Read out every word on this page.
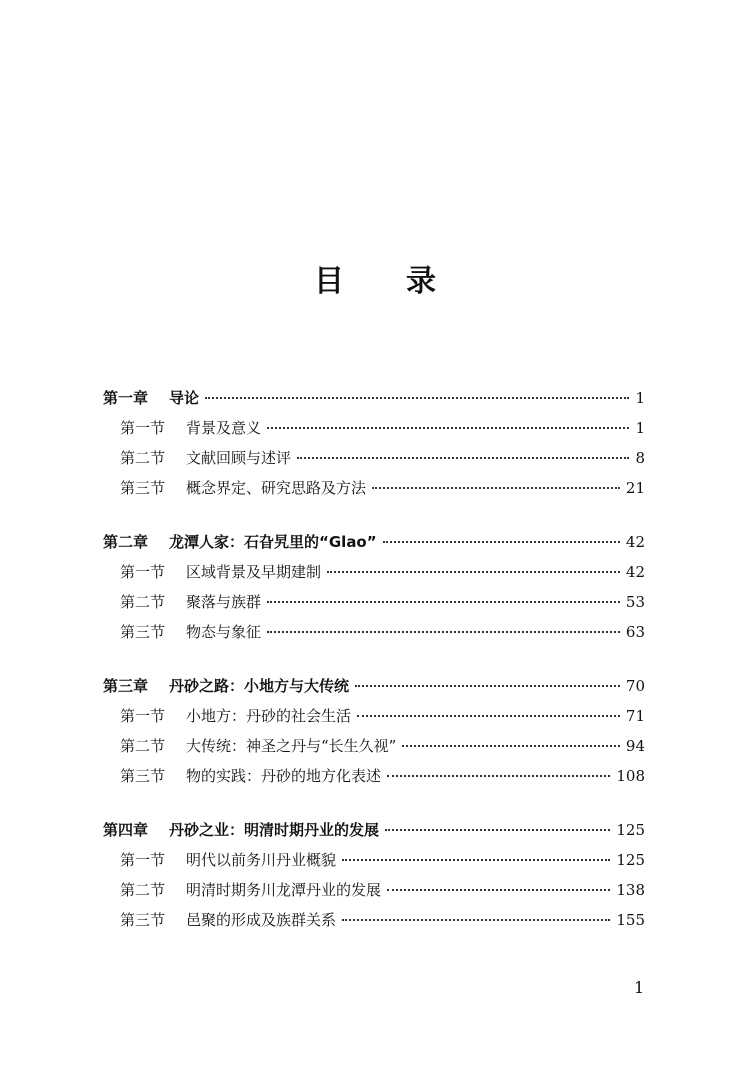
目 录
第一章	导论	1
第一节	背景及意义	1
第二节	文献回顾与述评	8
第三节	概念界定、研究思路及方法	21
第二章	龙潭人家：石旮旯里的“Glao”	42
第一节	区域背景及早期建制	42
第二节	聚落与族群	53
第三节	物态与象征	63
第三章	丹砂之路：小地方与大传统	70
第一节	小地方：丹砂的社会生活	71
第二节	大传统：神圣之丹与“长生久视”	94
第三节	物的实践：丹砂的地方化表述	108
第四章	丹砂之业：明清时期丹业的发展	125
第一节	明代以前务川丹业概貌	125
第二节	明清时期务川龙潭丹业的发展	138
第三节	邑聚的形成及族群关系	155
1
